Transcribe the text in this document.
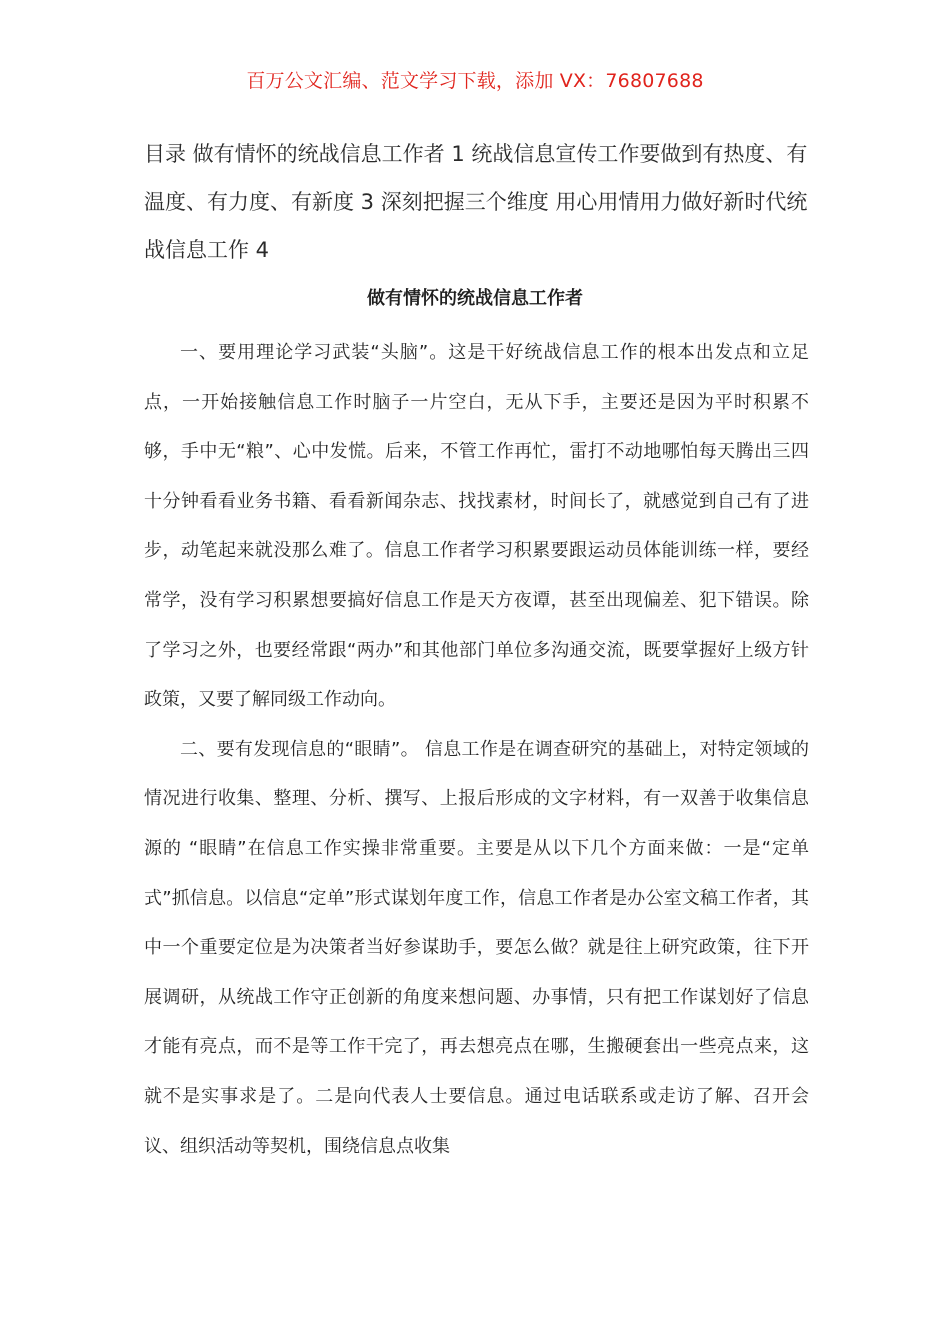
百万公文汇编、范文学习下载，添加 VX：76807688
目录 做有情怀的统战信息工作者 1 统战信息宣传工作要做到有热度、有温度、有力度、有新度 3 深刻把握三个维度 用心用情用力做好新时代统战信息工作 4
做有情怀的统战信息工作者

一、要用理论学习武装“头脑”。这是干好统战信息工作的根本出发点和立足点，一开始接触信息工作时脑子一片空白，无从下手，主要还是因为平时积累不够，手中无“粮”、心中发慌。后来，不管工作再忙，雷打不动地哪怕每天腾出三四十分钟看看业务书籍、看看新闻杂志、找找素材，时间长了，就感觉到自己有了进步，动笔起来就没那么难了。信息工作者学习积累要跟运动员体能训练一样，要经常学，没有学习积累想要搞好信息工作是天方夜谭，甚至出现偏差、犯下错误。除了学习之外，也要经常跟“两办”和其他部门单位多沟通交流，既要掌握好上级方针政策，又要了解同级工作动向。

二、要有发现信息的“眼睛”。 信息工作是在调查研究的基础上，对特定领域的情况进行收集、整理、分析、撰写、上报后形成的文字材料，有一双善于收集信息源的 “眼睛”在信息工作实操非常重要。主要是从以下几个方面来做：一是“定单式”抓信息。以信息“定单”形式谋划年度工作，信息工作者是办公室文稿工作者，其中一个重要定位是为决策者当好参谋助手，要怎么做？就是往上研究政策，往下开展调研，从统战工作守正创新的角度来想问题、办事情，只有把工作谋划好了信息才能有亮点，而不是等工作干完了，再去想亮点在哪，生搬硬套出一些亮点来，这就不是实事求是了。二是向代表人士要信息。通过电话联系或走访了解、召开会议、组织活动等契机，围绕信息点收集
